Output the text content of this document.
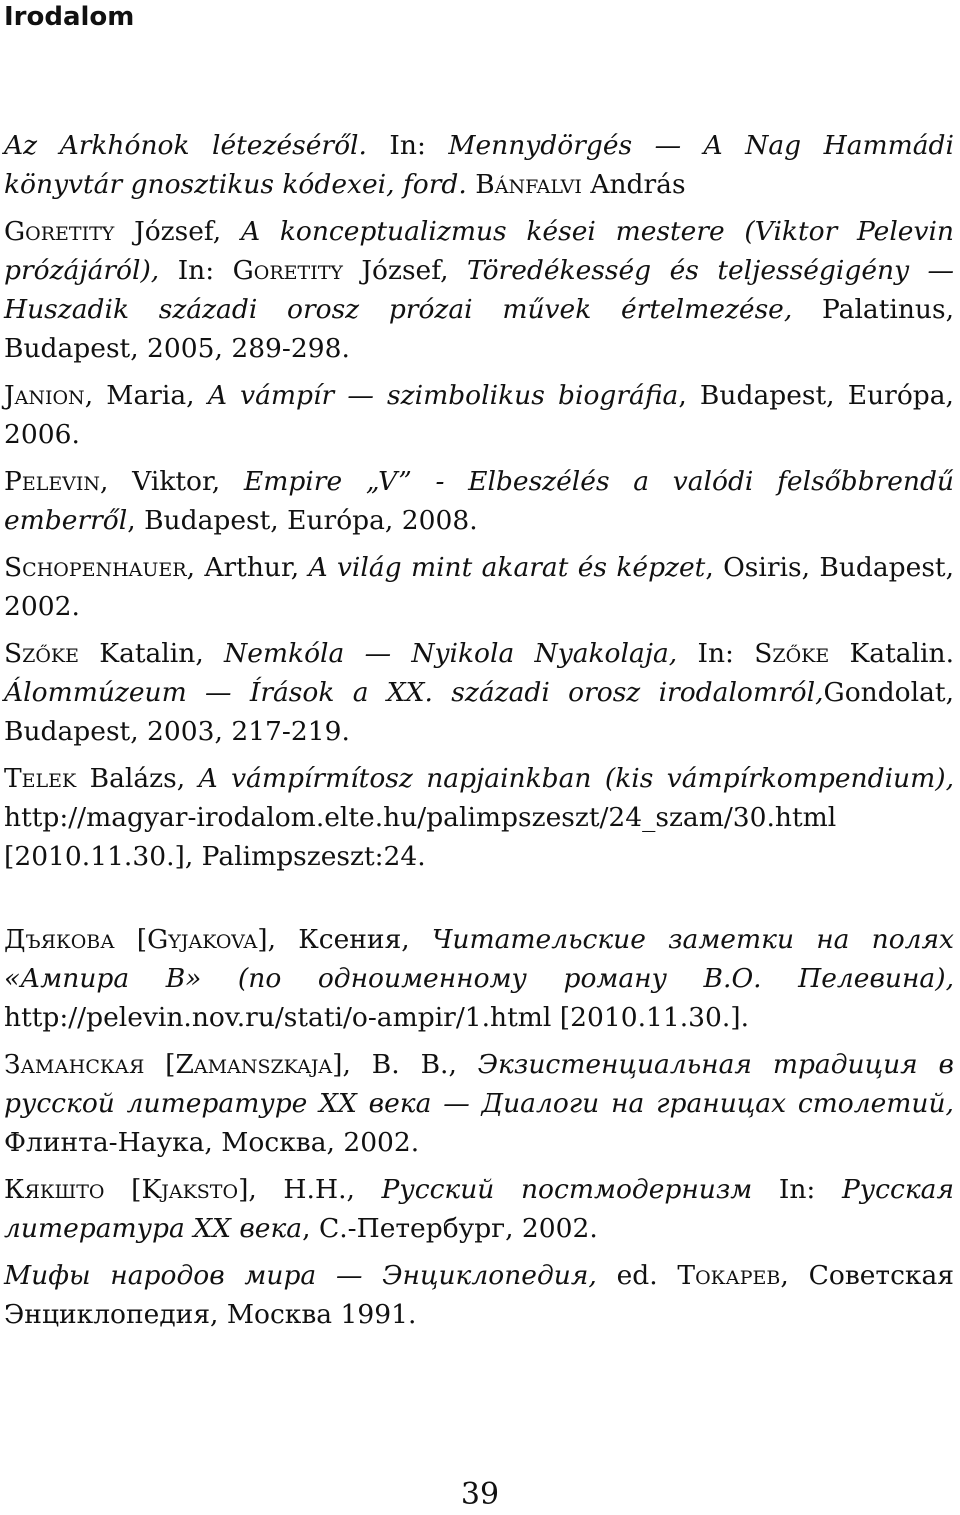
Irodalom

Az Arkhónok létezéséről. In: Mennydörgés — A Nag Hammádi könyvtár gnosztikus kódexei, ford. Bánfalvi András

Goretity József, A konceptualizmus kései mestere (Viktor Pelevin prózájáról), In: Goretity József, Töredékesség és teljességigény — Huszadik századi orosz prózai művek értelmezése, Palatinus, Budapest, 2005, 289-298.

Janion, Maria, A vámpír — szimbolikus biográfia, Budapest, Európa, 2006.

Pelevin, Viktor, Empire „V” - Elbeszélés a valódi felsőbbrendű emberről, Budapest, Európa, 2008.

Schopenhauer, Arthur, A világ mint akarat és képzet, Osiris, Budapest, 2002.

Szőke Katalin, Nemkóla — Nyikola Nyakolaja, In: Szőke Katalin. Álommúzeum — Írások a XX. századi orosz irodalomról,Gondolat, Budapest, 2003, 217-219.

Telek Balázs, A vámpírmítosz napjainkban (kis vámpírkompendium), http://magyar-irodalom.elte.hu/palimpszeszt/24_szam/30.html [2010.11.30.], Palimpszeszt:24.

Дъякова [Gyjakova], Ксения, Читательские заметки на полях «Ампира В» (по одноименному роману В.О. Пелевина), http://pelevin.nov.ru/stati/o-ampir/1.html [2010.11.30.].

Заманская [Zamanszkaja], В. В., Экзистенциальная традиция в русской литературе XX века — Диалоги на границах столетий, Флинта-Наука, Москва, 2002.

Кякшто [Kjaksto], Н.Н., Русский постмодернизм In: Русская литература XX века, С.-Петербург, 2002.

Мифы народов мира — Энциклопедия, ed. Токарев, Советская Энциклопедия, Москва 1991.

39
